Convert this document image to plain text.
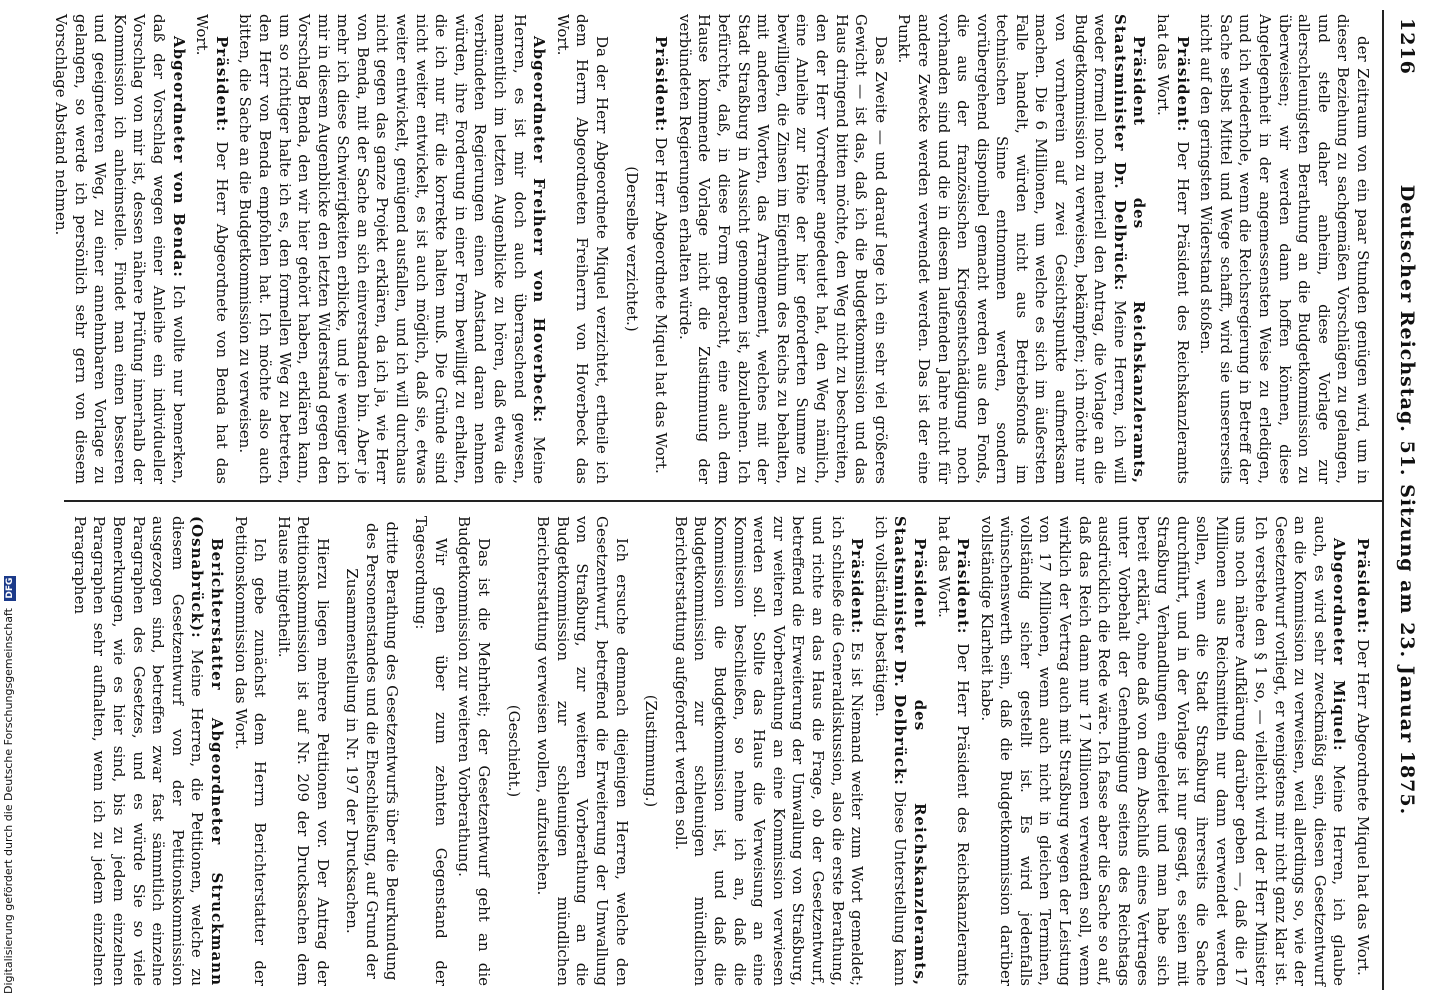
1216
Deutscher Reichstag. 51. Sitzung am 23. Januar 1875.

der Zeitraum von ein paar Stunden genügen wird, um in dieser Beziehung zu sachgemäßen Vorschlägen zu gelangen, und stelle daher anheim, diese Vorlage zur allerschleunigsten Berathung an die Budgetkommission zu überweisen; wir werden dann hoffen können, diese Angelegenheit in der angemessensten Weise zu erledigen, und ich wiederhole, wenn die Reichsregierung in Betreff der Sache selbst Mittel und Wege schafft, wird sie unsererseits nicht auf den geringsten Widerstand stoßen.

Präsident: Der Herr Präsident des Reichskanzleramts hat das Wort.

Präsident des Reichskanzleramts, Staatsminister Dr. Delbrück: Meine Herren, ich will weder formell noch materiell den Antrag, die Vorlage an die Budgetkommission zu verweisen, bekämpfen; ich möchte nur von vornherein auf zwei Gesichtspunkte aufmerksam machen. Die 6 Millionen, um welche es sich im äußersten Falle handelt, würden nicht aus Betriebsfonds im technischen Sinne entnommen werden, sondern vorübergehend disponibel gemacht werden aus den Fonds, die aus der französischen Kriegsentschädigung noch vorhanden sind und die in diesem laufenden Jahre nicht für andere Zwecke werden verwendet werden. Das ist der eine Punkt.

Das Zweite — und darauf lege ich ein sehr viel größeres Gewicht — ist das, daß ich die Budgetkommission und das Haus dringend bitten möchte, den Weg nicht zu beschreiten, den der Herr Vorredner angedeutet hat, den Weg nämlich, eine Anleihe zur Höhe der hier geforderten Summe zu bewilligen, die Zinsen im Eigenthum des Reichs zu behalten, mit anderen Worten, das Arrangement, welches mit der Stadt Straßburg in Aussicht genommen ist, abzulehnen. Ich befürchte, daß, in diese Form gebracht, eine auch dem Hause kommende Vorlage nicht die Zustimmung der verbündeten Regierungen erhalten würde.

Präsident: Der Herr Abgeordnete Miquel hat das Wort.

(Derselbe verzichtet.)

Da der Herr Abgeordnete Miquel verzichtet, ertheile ich dem Herrn Abgeordneten Freiherrn von Hoverbeck das Wort.

Abgeordneter Freiherr von Hoverbeck: Meine Herren, es ist mir doch auch überraschend gewesen, namentlich im letzten Augenblicke zu hören, daß etwa die verbündeten Regierungen einen Anstand daran nehmen würden, ihre Forderung in einer Form bewilligt zu erhalten, die ich nur für die korrekte halten muß. Die Gründe sind nicht weiter entwickelt, es ist auch möglich, daß sie, etwas weiter entwickelt, genügend ausfallen, und ich will durchaus nicht gegen das ganze Projekt erklären, da ich ja, wie Herr von Benda, mit der Sache an sich einverstanden bin. Aber je mehr ich diese Schwierigkeiten erblicke, und je weniger ich mir in diesem Augenblicke den letzten Widerstand gegen den Vorschlag Benda, den wir hier gehört haben, erklären kann, um so richtiger halte ich es, den formellen Weg zu betreten, den Herr von Benda empfohlen hat. Ich möchte also auch bitten, die Sache an die Budgetkommission zu verweisen.

Präsident: Der Herr Abgeordnete von Benda hat das Wort.

Abgeordneter von Benda: Ich wollte nur bemerken, daß der Vorschlag wegen einer Anleihe ein individueller Vorschlag von mir ist, dessen nähere Prüfung innerhalb der Kommission ich anheimstelle. Findet man einen besseren und geeigneteren Weg, zu einer annehmbaren Vorlage zu gelangen, so werde ich persönlich sehr gern von diesem Vorschlage Abstand nehmen.

Präsident: Der Herr Abgeordnete Miquel hat das Wort.

Abgeordneter Miquel: Meine Herren, ich glaube auch, es wird sehr zweckmäßig sein, diesen Gesetzentwurf an die Kommission zu verweisen, weil allerdings so, wie der Gesetzentwurf vorliegt, er wenigstens mir nicht ganz klar ist. Ich verstehe den § 1 so, — vielleicht wird der Herr Minister uns noch nähere Aufklärung darüber geben —, daß die 17 Millionen aus Reichsmitteln nur dann verwendet werden sollen, wenn die Stadt Straßburg ihrerseits die Sache durchführt, und in der Vorlage ist nur gesagt, es seien mit Straßburg Verhandlungen eingeleitet und man habe sich bereit erklärt, ohne daß von dem Abschluß eines Vertrages unter Vorbehalt der Genehmigung seitens des Reichstags ausdrücklich die Rede wäre. Ich fasse aber die Sache so auf, daß das Reich dann nur 17 Millionen verwenden soll, wenn wirklich der Vertrag auch mit Straßburg wegen der Leistung von 17 Millionen, wenn auch nicht in gleichen Terminen, vollständig sicher gestellt ist. Es wird jedenfalls wünschenswerth sein, daß die Budgetkommission darüber vollständige Klarheit habe.

Präsident: Der Herr Präsident des Reichskanzleramts hat das Wort.

Präsident des Reichskanzleramts, Staatsminister Dr. Delbrück: Diese Unterstellung kann ich vollständig bestätigen.

Präsident: Es ist Niemand weiter zum Wort gemeldet; ich schließe die Generaldiskussion, also die erste Berathung, und richte an das Haus die Frage, ob der Gesetzentwurf, betreffend die Erweiterung der Umwallung von Straßburg, zur weiteren Vorberathung an eine Kommission verwiesen werden soll. Sollte das Haus die Verweisung an eine Kommission beschließen, so nehme ich an, daß die Kommission die Budgetkommission ist, und daß die Budgetkommission zur schleunigen mündlichen Berichterstattung aufgefordert werden soll.

(Zustimmung.)

Ich ersuche demnach diejenigen Herren, welche den Gesetzentwurf, betreffend die Erweiterung der Umwallung von Straßburg, zur weiteren Vorberathung an die Budgetkommission zur schleunigen mündlichen Berichterstattung verweisen wollen, aufzustehen.

(Geschieht.)

Das ist die Mehrheit; der Gesetzentwurf geht an die Budgetkommission zur weiteren Vorberathung.

Wir gehen über zum zehnten Gegenstand der Tagesordnung:

dritte Berathung des Gesetzentwurfs über die Beurkundung des Personenstandes und die Eheschließung, auf Grund der Zusammenstellung in Nr. 197 der Drucksachen.

Hierzu liegen mehrere Petitionen vor. Der Antrag der Petitionskommission ist auf Nr. 209 der Drucksachen dem Hause mitgetheilt.

Ich gebe zunächst dem Herrn Berichterstatter der Petitionskommission das Wort.

Berichterstatter Abgeordneter Struckmann (Osnabrück): Meine Herren, die Petitionen, welche zu diesem Gesetzentwurf von der Petitionskommission ausgezogen sind, betreffen zwar fast sämmtlich einzelne Paragraphen des Gesetzes, und es würde Sie so viele Bemerkungen, wie es hier sind, bis zu jedem einzelnen Paragraphen sehr aufhalten, wenn ich zu jedem einzelnen Paragraphen

Digitalisierung gefördert durch die Deutsche Forschungsgemeinschaft DFG
